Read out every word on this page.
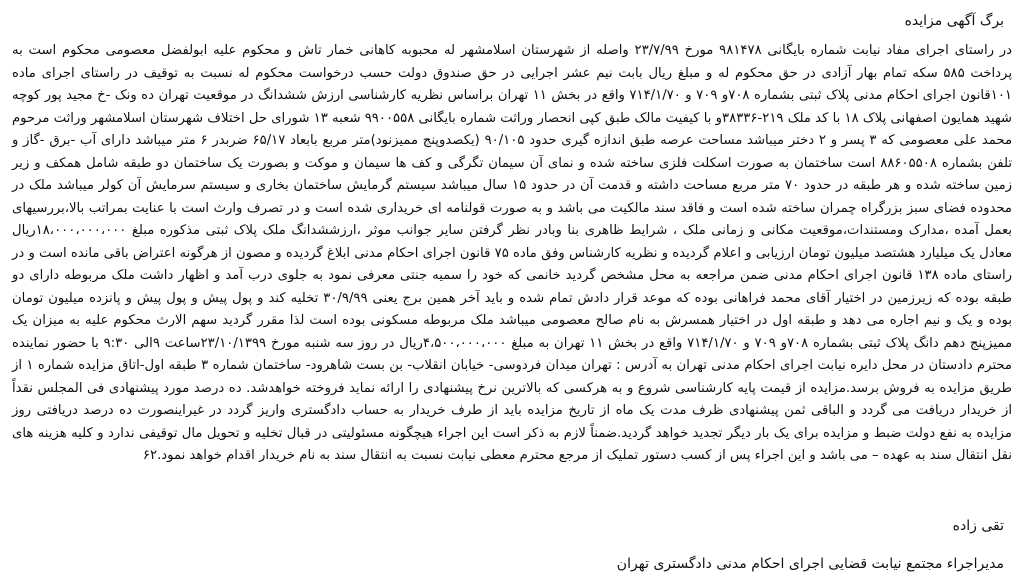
برگ آگهی مزایده

در راستای اجرای مفاد نیابت شماره بایگانی ۹۸۱۴۷۸ مورخ ۲۳/۷/۹۹ واصله از شهرستان اسلامشهر له محبوبه کاهانی خمار تاش و محکوم علیه ابولفضل معصومی محکوم است به پرداخت ۵۸۵ سکه تمام بهار آزادی در حق محکوم له و مبلغ ریال بابت نیم عشر اجرایی در حق صندوق دولت حسب درخواست محکوم له نسبت به توقیف در راستای اجرای ماده ۱۰۱قانون اجرای احکام مدنی پلاک ثبتی بشماره ۷۰۸و ۷۰۹ و ۷۱۴/۱/۷۰ واقع در بخش ۱۱ تهران براساس نظریه کارشناسی ارزش ششدانگ در موقعیت تهران ده ونک -خ مجید پور کوچه شهید همایون اصفهانی پلاک ۱۸ با کد ملک ۲۱۹-۳۸۳۳۶و با کیفیت مالک طبق کپی انحصار وراثت شماره بایگانی ۹۹۰۰۵۵۸ شعبه ۱۳ شورای حل اختلاف شهرستان اسلامشهر وراثت مرحوم محمد علی معصومی که ۳ پسر و ۲ دختر میباشد مساحت عرصه طبق اندازه گیری حدود ۹۰/۱۰۵ (یکصدوپنج ممیزنود)متر مربع بابعاد ۶۵/۱۷ ضربدر ۶ متر میباشد دارای آب -برق -گاز و تلفن بشماره ۸۸۶۰۵۵۰۸ است ساختمان به صورت اسکلت فلزی ساخته شده و نمای آن سیمان تگرگی و کف ها سیمان و موکت و بصورت یک ساختمان دو طبقه شامل همکف و زیر زمین ساخته شده و هر طبقه در حدود ۷۰ متر مربع مساحت داشته و قدمت آن در حدود ۱۵ سال میباشد سیستم گرمایش ساختمان بخاری و سیستم سرمایش آن کولر میباشد ملک در محدوده فضای سبز بزرگراه چمران ساخته شده است و فاقد سند مالکیت می باشد و به صورت قولنامه ای خریداری شده است و در تصرف وارث است با عنایت بمراتب بالا،بررسیهای بعمل آمده ،مدارک ومستندات،موقعیت مکانی و زمانی ملک ، شرایط ظاهری بنا وبادر نظر گرفتن سایر جوانب موثر ،ارزششدانگ ملک پلاک ثبتی مذکوره مبلغ ۱۸،۰۰۰،۰۰۰،۰۰۰ریال معادل یک میلیارد هشتصد میلیون تومان ارزیابی و اعلام گردیده و نظریه کارشناس وفق ماده ۷۵ قانون اجرای احکام مدنی ابلاغ گردیده و مصون از هرگونه اعتراض باقی مانده است و در راستای ماده ۱۳۸ قانون اجرای احکام مدنی ضمن مراجعه به محل مشخص گردید خانمی که خود را سمیه جنتی معرفی نمود به جلوی درب آمد و اظهار داشت ملک مربوطه دارای دو طبقه بوده که زیرزمین در اختیار آقای محمد فراهانی بوده که موعد قرار دادش تمام شده و باید آخر همین برج یعنی ۳۰/۹/۹۹ تخلیه کند و پول پیش و پول پیش و پانزده میلیون تومان بوده و یک و نیم اجاره می دهد و طبقه اول در اختیار همسرش به نام صالح معصومی میباشد ملک مربوطه مسکونی بوده است لذا مقرر گردید سهم الارث محکوم علیه به میزان یک ممیزپنج دهم دانگ پلاک ثبتی بشماره ۷۰۸و ۷۰۹ و ۷۱۴/۱/۷۰ واقع در بخش ۱۱ تهران به مبلغ ۴،۵۰۰،۰۰۰،۰۰۰ریال در روز سه شنبه مورخ ۲۳/۱۰/۱۳۹۹ساعت ۹الی ۹:۳۰ با حضور نماینده محترم دادستان در محل دایره نیابت اجرای احکام مدنی تهران به آدرس : تهران میدان فردوسی- خیابان انقلاب- بن بست شاهرود- ساختمان شماره ۳ طبقه اول-اتاق مزایده شماره ۱ از طریق مزایده به فروش برسد.مزایده از قیمت پایه کارشناسی شروع و به هرکسی که بالاترین نرخ پیشنهادی را ارائه نماید فروخته خواهدشد. ده درصد مورد پیشنهادی فی المجلس نقداً از خریدار دریافت می گردد و الباقی ثمن پیشنهادی ظرف مدت یک ماه از تاریخ مزایده باید از طرف خریدار به حساب دادگستری واریز گردد در غیراینصورت ده درصد دریافتی روز مزایده به نفع دولت ضبط و مزایده برای یک بار دیگر تجدید خواهد گردید.ضمناً لازم به ذکر است این اجراء هیچگونه مسئولیتی در قبال تخلیه و تحویل مال توقیفی ندارد و کلیه هزینه های نقل انتقال سند به عهده – می باشد و این اجراء پس از کسب دستور تملیک از مرجع محترم معطی نیابت نسبت به انتقال سند به نام خریدار اقدام خواهد نمود.۶۲

تقی زاده
مدیراجراء مجتمع نیابت قضایی اجرای احکام مدنی دادگستری تهران
